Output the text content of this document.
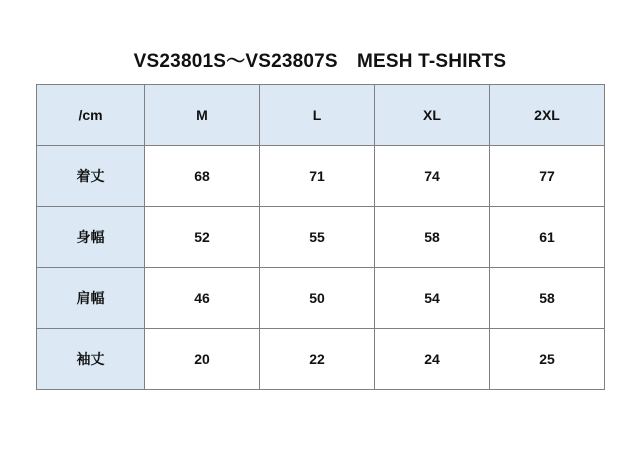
VS23801S〜VS23807S　MESH T-SHIRTS
/cm	M	L	XL	2XL
着丈	68	71	74	77
身幅	52	55	58	61
肩幅	46	50	54	58
袖丈	20	22	24	25
